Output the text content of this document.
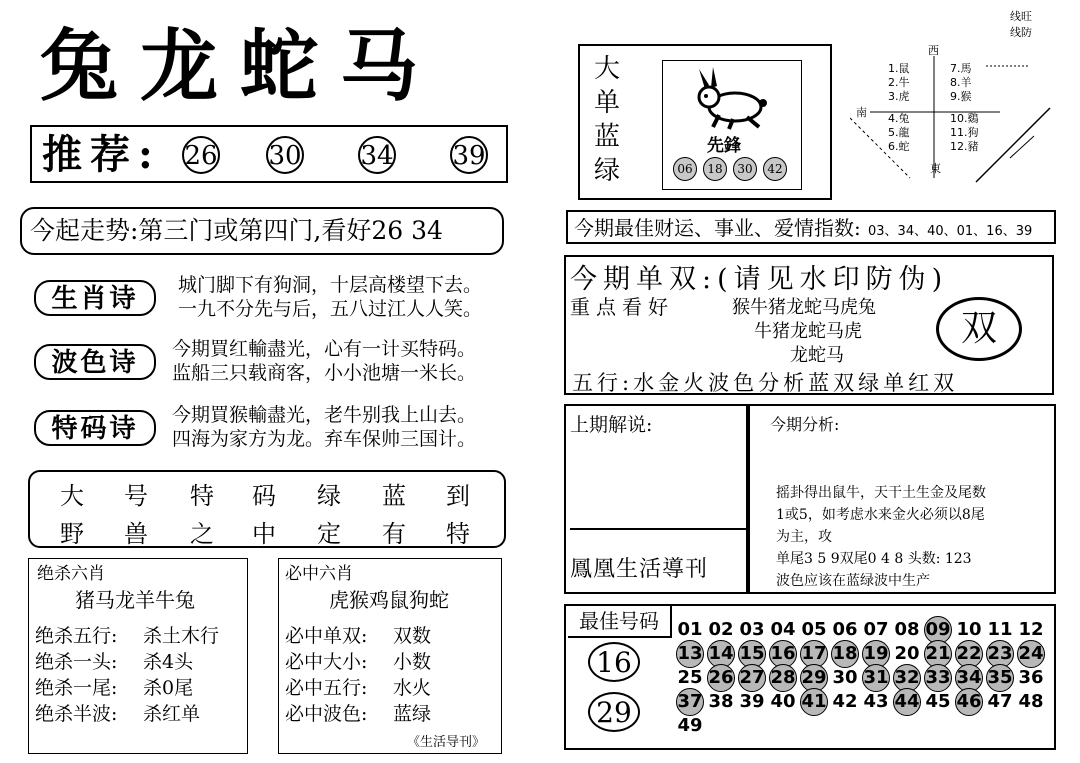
兔龙蛇马
推荐: 26 30 34 39
今起走势:第三门或第四门,看好26 34
生肖诗	城门脚下有狗洞，十层高楼望下去。
一九不分先与后，五八过江人人笑。
波色诗	今期買红輸盡光，心有一计买特码。
监船三只载商客，小小池塘一米长。
特码诗	今期買猴輸盡光，老牛别我上山去。
四海为家方为龙。弃车保帅三国计。
大 号 特 码 绿 蓝 到
野 兽 之 中 定 有 特
绝杀六肖
猪马龙羊牛兔
绝杀五行: 杀土木行
绝杀一头: 杀4头
绝杀一尾: 杀0尾
绝杀半波: 杀红单
必中六肖
虎猴鸡鼠狗蛇
必中单双: 双数
必中大小: 小数
必中五行: 水火
必中波色: 蓝绿
《生活导刊》
大
单
蓝
绿
先鋒
06	18	30	42
线旺
线防
西
南
東
1.鼠
2.牛
3.虎
4.兔
5.龍
6.蛇
7.馬
8.羊
9.猴
10.鷄
11.狗
12.豬
今期最佳财运、事业、爱情指数: 03、34、40、01、16、39
今期单双:(请见水印防伪)
重点看好	猴牛猪龙蛇马虎兔
牛猪龙蛇马虎
龙蛇马
双
五行:水金火波色分析蓝双绿单红双
上期解说:
鳳凰生活導刊
今期分析:
摇卦得出鼠牛，天干土生金及尾数
1或5，如考虑水来金火必须以8尾
为主，攻
单尾3 5 9双尾0 4 8 头数: 123
波色应该在蓝绿波中生产
最佳号码
16
29
01 02 03 04 05 06 07 08 09 10 11 12
13 14 15 16 17 18 19 20 21 22 23 24
25 26 27 28 29 30 31 32 33 34 35 36
37 38 39 40 41 42 43 44 45 46 47 48
49
